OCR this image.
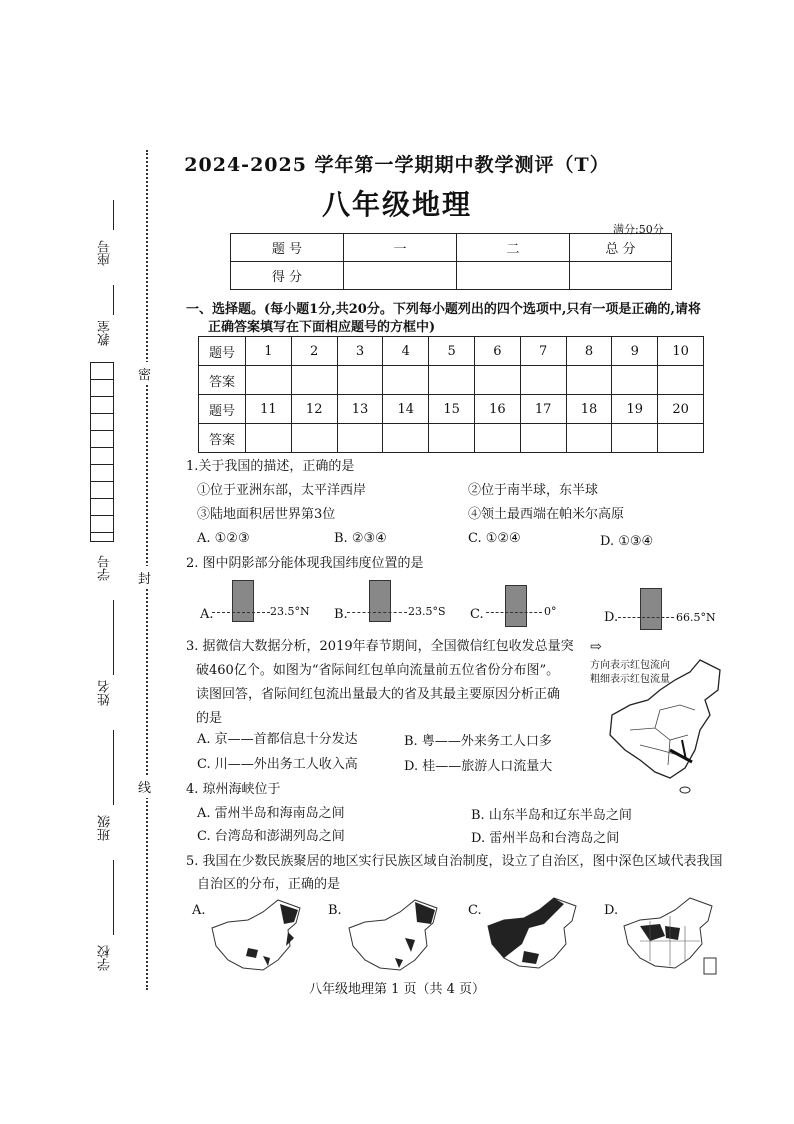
座号
教室
学号
姓名
班级
学校
密
封
线
2024-2025 学年第一学期期中教学测评（T）
八年级地理
满分:50分
题 号	一	二	总 分
得 分			
一、选择题。(每小题1分,共20分。下列每小题列出的四个选项中,只有一项是正确的,请将
正确答案填写在下面相应题号的方框中)
题号	1	2	3	4	5	6	7	8	9	10
答案										
题号	11	12	13	14	15	16	17	18	19	20
答案										
1.关于我国的描述，正确的是
①位于亚洲东部，太平洋西岸	②位于南半球，东半球
③陆地面积居世界第3位	④领土最西端在帕米尔高原
A. ①②③	B. ②③④	C. ①②④	D. ①③④
2. 图中阴影部分能体现我国纬度位置的是
A.	23.5°N B.	23.5°S C.	0°	D.	66.5°N
3. 据微信大数据分析，2019年春节期间，全国微信红包收发总量突
破460亿个。如图为“省际间红包单向流量前五位省份分布图”。
读图回答，省际间红包流出量最大的省及其最主要原因分析正确
的是
A. 京——首都信息十分发达	B. 粤——外来务工人口多
C. 川——外出务工人收入高	D. 桂——旅游人口流量大
⇨
方向表示红包流向
粗细表示红包流量
4. 琼州海峡位于
A. 雷州半岛和海南岛之间	B. 山东半岛和辽东半岛之间
C. 台湾岛和澎湖列岛之间	D. 雷州半岛和台湾岛之间
5. 我国在少数民族聚居的地区实行民族区域自治制度，设立了自治区，图中深色区域代表我国
自治区的分布，正确的是
A.	B.	C.	D.
八年级地理第 1 页（共 4 页）
